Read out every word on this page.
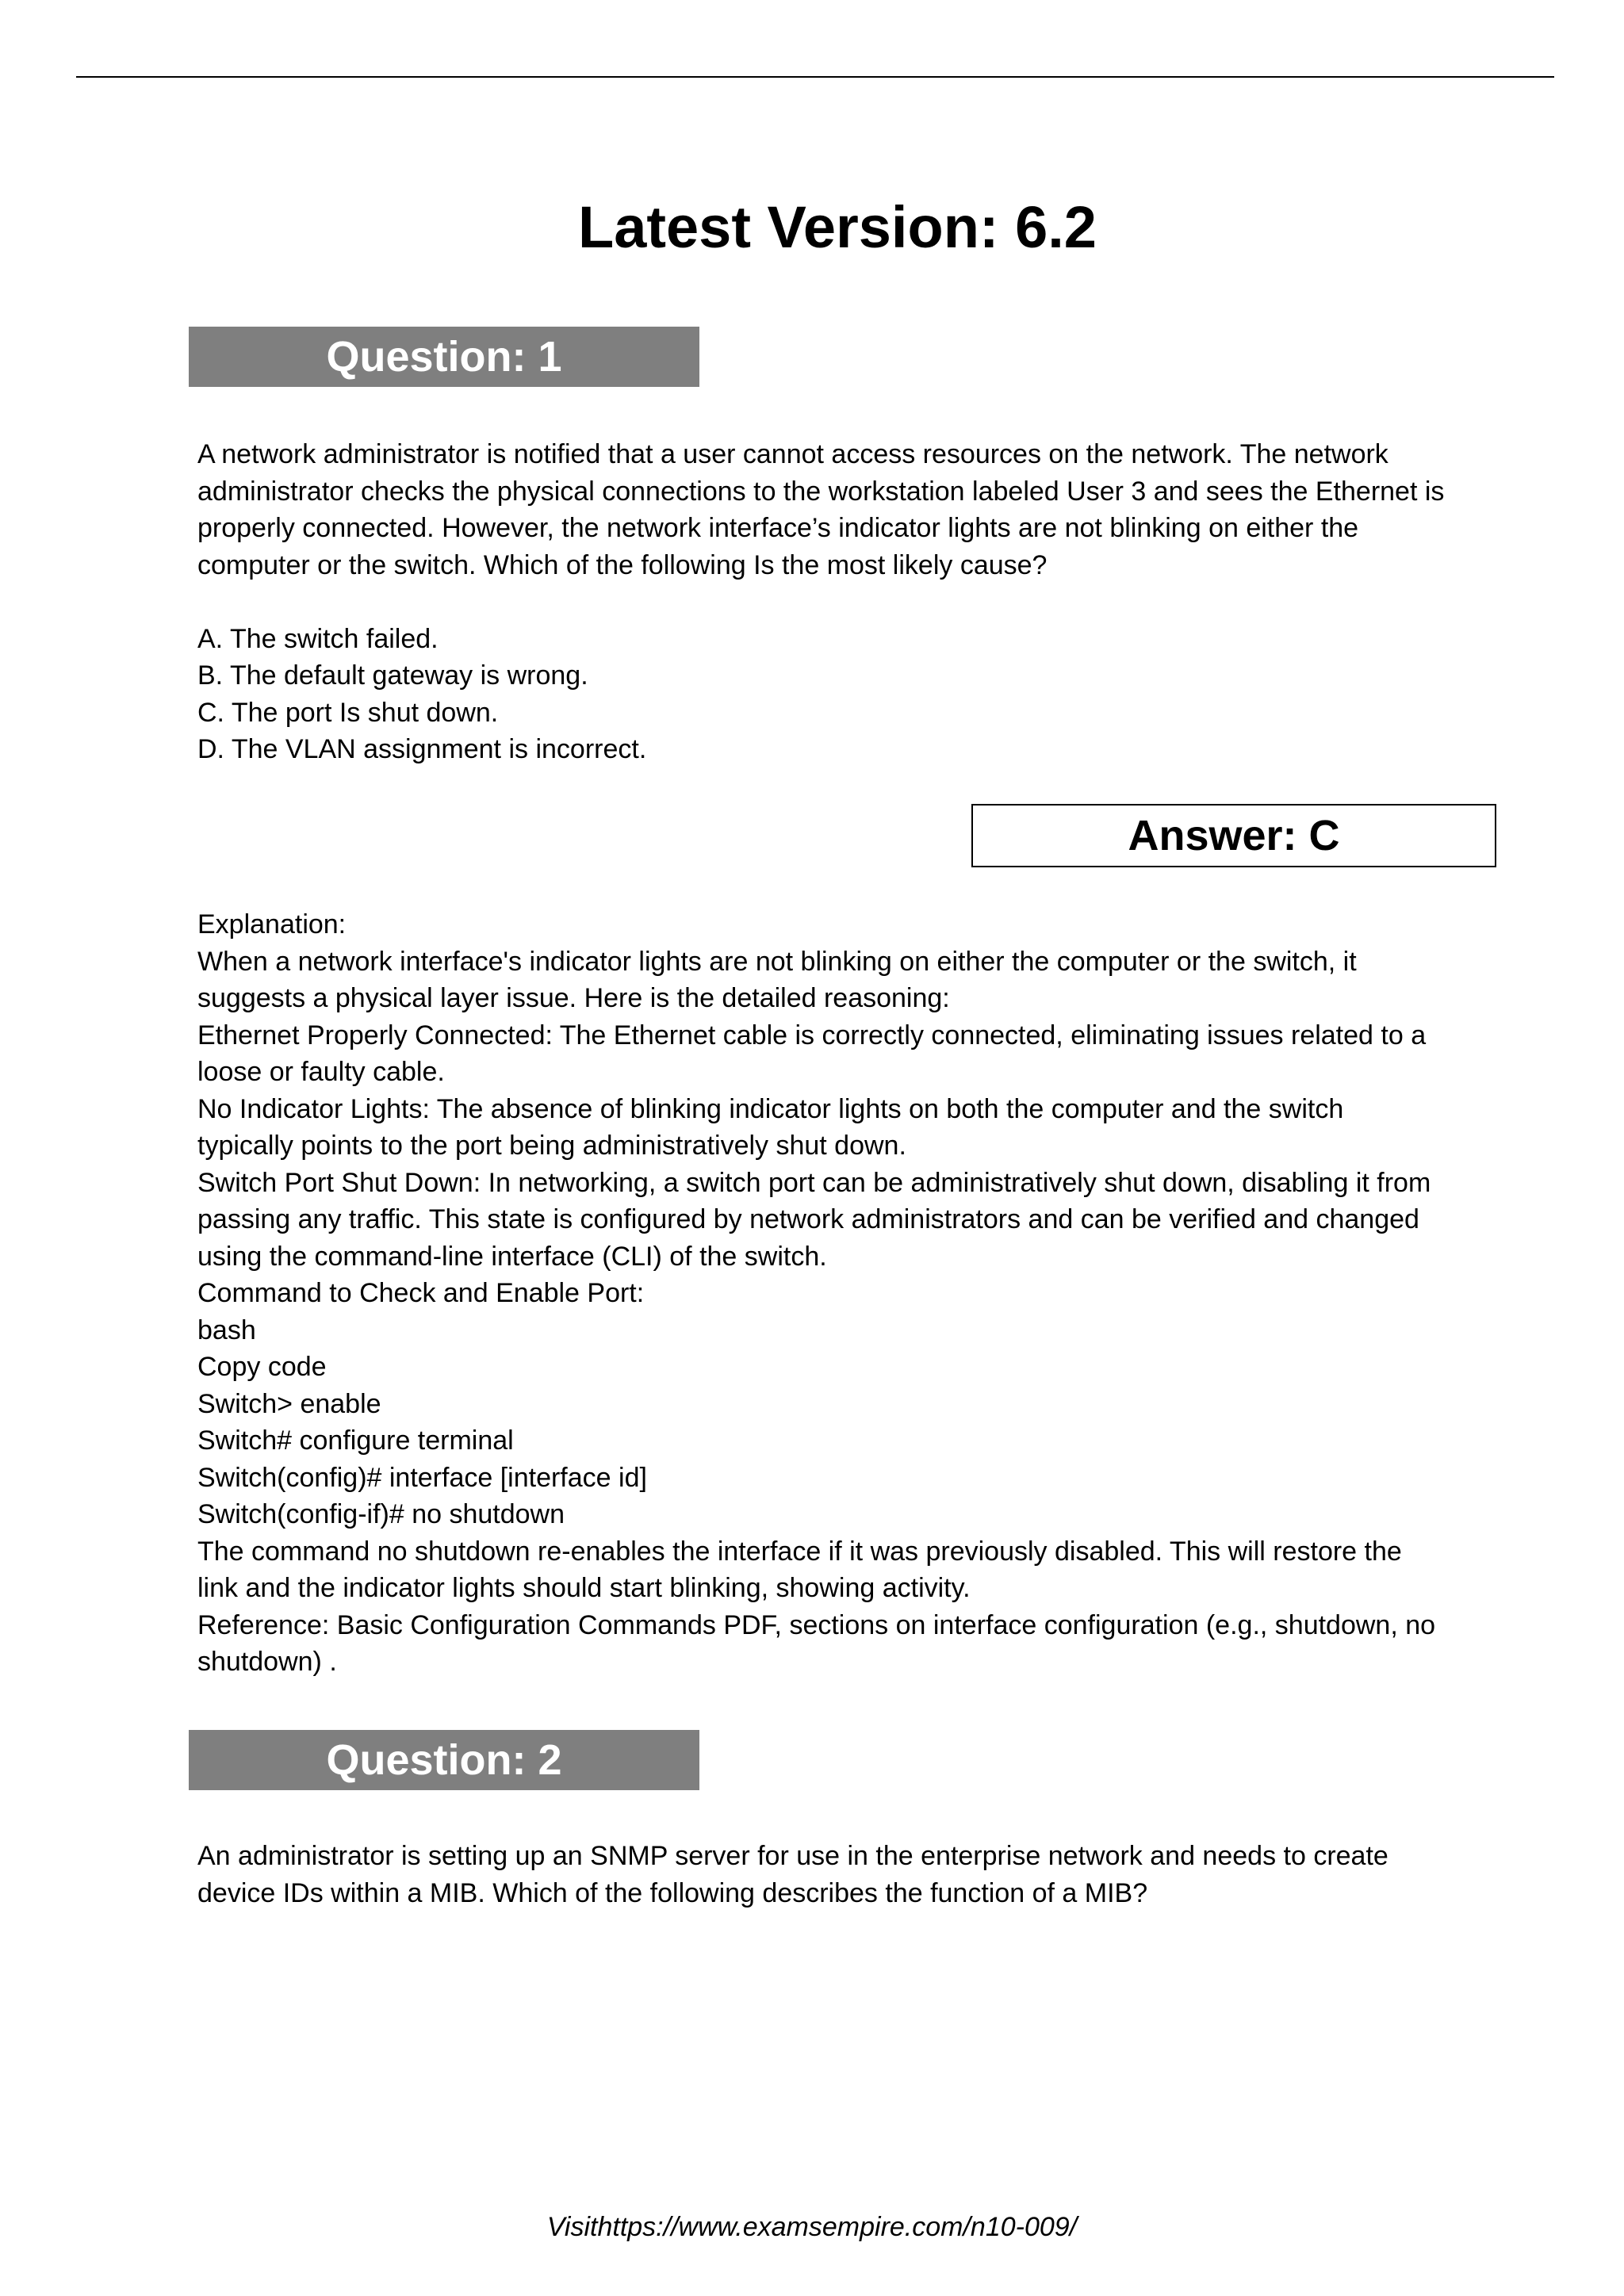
Latest Version: 6.2
Question: 1

A network administrator is notified that a user cannot access resources on the network. The network

administrator checks the physical connections to the workstation labeled User 3 and sees the Ethernet is

properly connected. However, the network interface’s indicator lights are not blinking on either the

computer or the switch. Which of the following Is the most likely cause?

A. The switch failed.

B. The default gateway is wrong.

C. The port Is shut down.

D. The VLAN assignment is incorrect.

Answer: C

Explanation:

When a network interface's indicator lights are not blinking on either the computer or the switch, it

suggests a physical layer issue. Here is the detailed reasoning:

Ethernet Properly Connected: The Ethernet cable is correctly connected, eliminating issues related to a

loose or faulty cable.

No Indicator Lights: The absence of blinking indicator lights on both the computer and the switch

typically points to the port being administratively shut down.

Switch Port Shut Down: In networking, a switch port can be administratively shut down, disabling it from

passing any traffic. This state is configured by network administrators and can be verified and changed

using the command-line interface (CLI) of the switch.

Command to Check and Enable Port:

bash

Copy code

Switch> enable

Switch# configure terminal

Switch(config)# interface [interface id]

Switch(config-if)# no shutdown

The command no shutdown re-enables the interface if it was previously disabled. This will restore the

link and the indicator lights should start blinking, showing activity.

Reference: Basic Configuration Commands PDF, sections on interface configuration (e.g., shutdown, no

shutdown) .

Question: 2

An administrator is setting up an SNMP server for use in the enterprise network and needs to create

device IDs within a MIB. Which of the following describes the function of a MIB?

Visithttps://www.examsempire.com/n10-009/
